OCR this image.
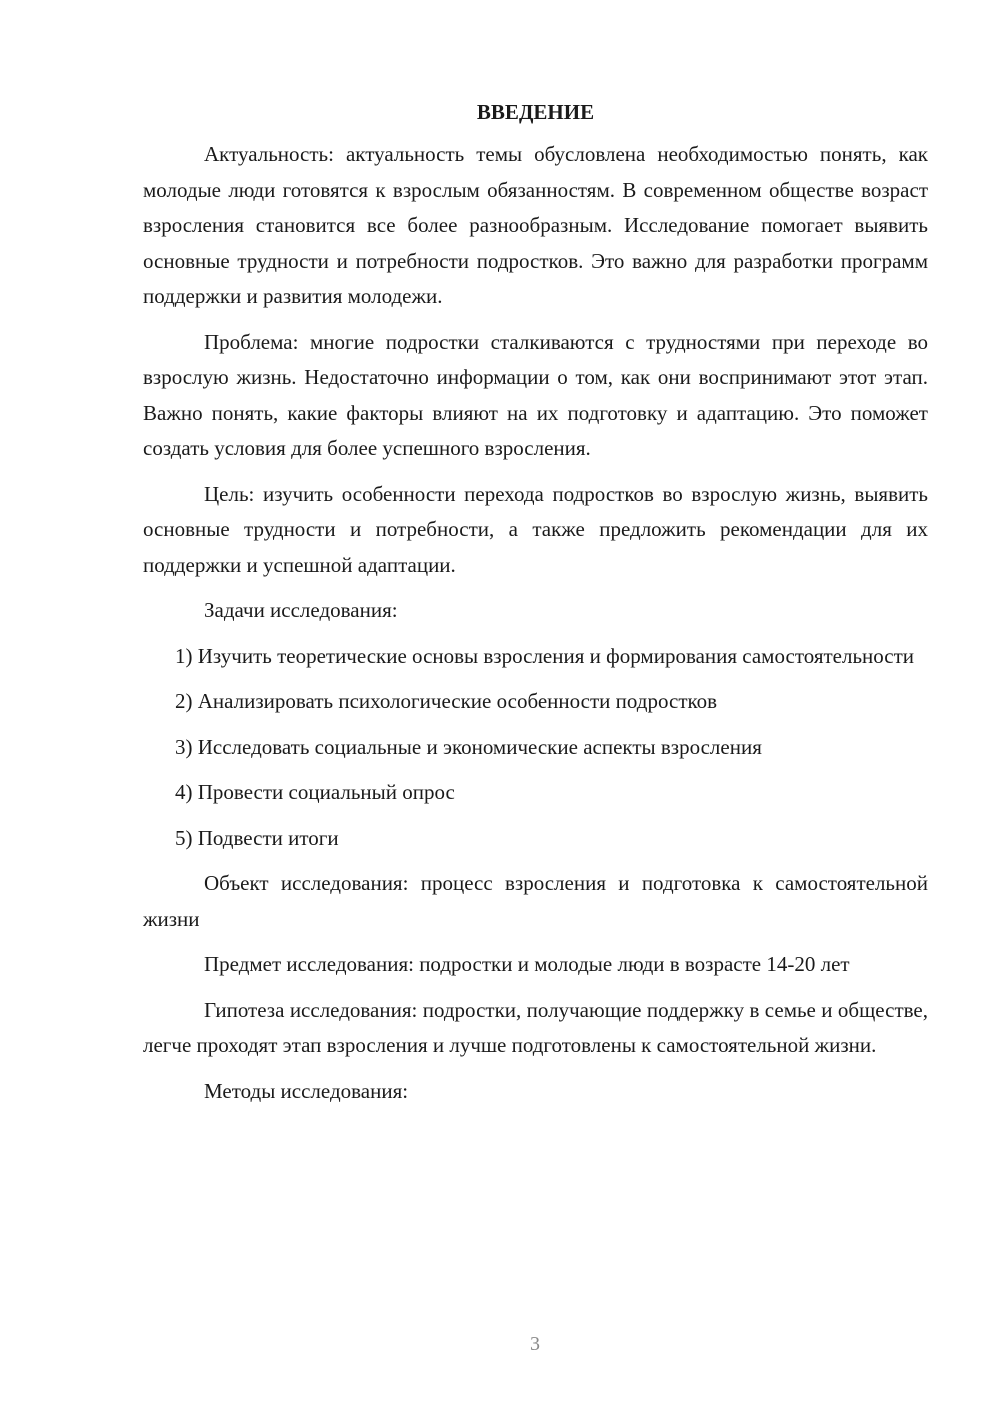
ВВЕДЕНИЕ

Актуальность: актуальность темы обусловлена необходимостью понять, как молодые люди готовятся к взрослым обязанностям. В современном обществе возраст взросления становится все более разнообразным. Исследование помогает выявить основные трудности и потребности подростков. Это важно для разработки программ поддержки и развития молодежи.

Проблема: многие подростки сталкиваются с трудностями при переходе во взрослую жизнь. Недостаточно информации о том, как они воспринимают этот этап. Важно понять, какие факторы влияют на их подготовку и адаптацию. Это поможет создать условия для более успешного взросления.

Цель: изучить особенности перехода подростков во взрослую жизнь, выявить основные трудности и потребности, а также предложить рекомендации для их поддержки и успешной адаптации.

Задачи исследования:

1) Изучить теоретические основы взросления и формирования самостоятельности

2) Анализировать психологические особенности подростков

3) Исследовать социальные и экономические аспекты взросления

4) Провести социальный опрос

5) Подвести итоги

Объект исследования: процесс взросления и подготовка к самостоятельной жизни

Предмет исследования: подростки и молодые люди в возрасте 14-20 лет

Гипотеза исследования: подростки, получающие поддержку в семье и обществе, легче проходят этап взросления и лучше подготовлены к самостоятельной жизни.

Методы исследования:

3
